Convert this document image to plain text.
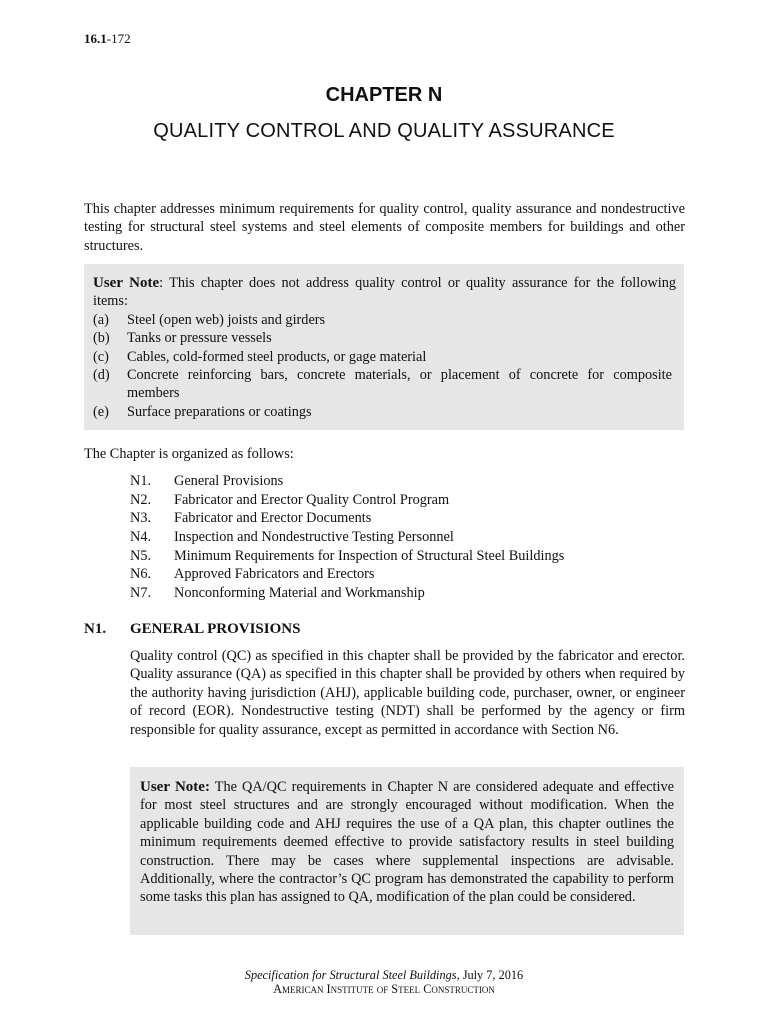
16.1-172
CHAPTER N
QUALITY CONTROL AND QUALITY ASSURANCE
This chapter addresses minimum requirements for quality control, quality assurance and nondestructive testing for structural steel systems and steel elements of composite members for buildings and other structures.
User Note: This chapter does not address quality control or quality assurance for the following items:
(a)	Steel (open web) joists and girders
(b)	Tanks or pressure vessels
(c)	Cables, cold-formed steel products, or gage material
(d)	Concrete reinforcing bars, concrete materials, or placement of concrete for composite members
(e)	Surface preparations or coatings
The Chapter is organized as follows:
N1.	General Provisions
N2.	Fabricator and Erector Quality Control Program
N3.	Fabricator and Erector Documents
N4.	Inspection and Nondestructive Testing Personnel
N5.	Minimum Requirements for Inspection of Structural Steel Buildings
N6.	Approved Fabricators and Erectors
N7.	Nonconforming Material and Workmanship
N1.	GENERAL PROVISIONS
Quality control (QC) as specified in this chapter shall be provided by the fabricator and erector. Quality assurance (QA) as specified in this chapter shall be provided by others when required by the authority having jurisdiction (AHJ), applicable building code, purchaser, owner, or engineer of record (EOR). Nondestructive testing (NDT) shall be performed by the agency or firm responsible for quality assurance, except as permitted in accordance with Section N6.
User Note: The QA/QC requirements in Chapter N are considered adequate and effective for most steel structures and are strongly encouraged without modification. When the applicable building code and AHJ requires the use of a QA plan, this chapter outlines the minimum requirements deemed effective to provide satisfactory results in steel building construction. There may be cases where supplemental inspections are advisable. Additionally, where the contractor’s QC program has demonstrated the capability to perform some tasks this plan has assigned to QA, modification of the plan could be considered.
Specification for Structural Steel Buildings, July 7, 2016
American Institute of Steel Construction
